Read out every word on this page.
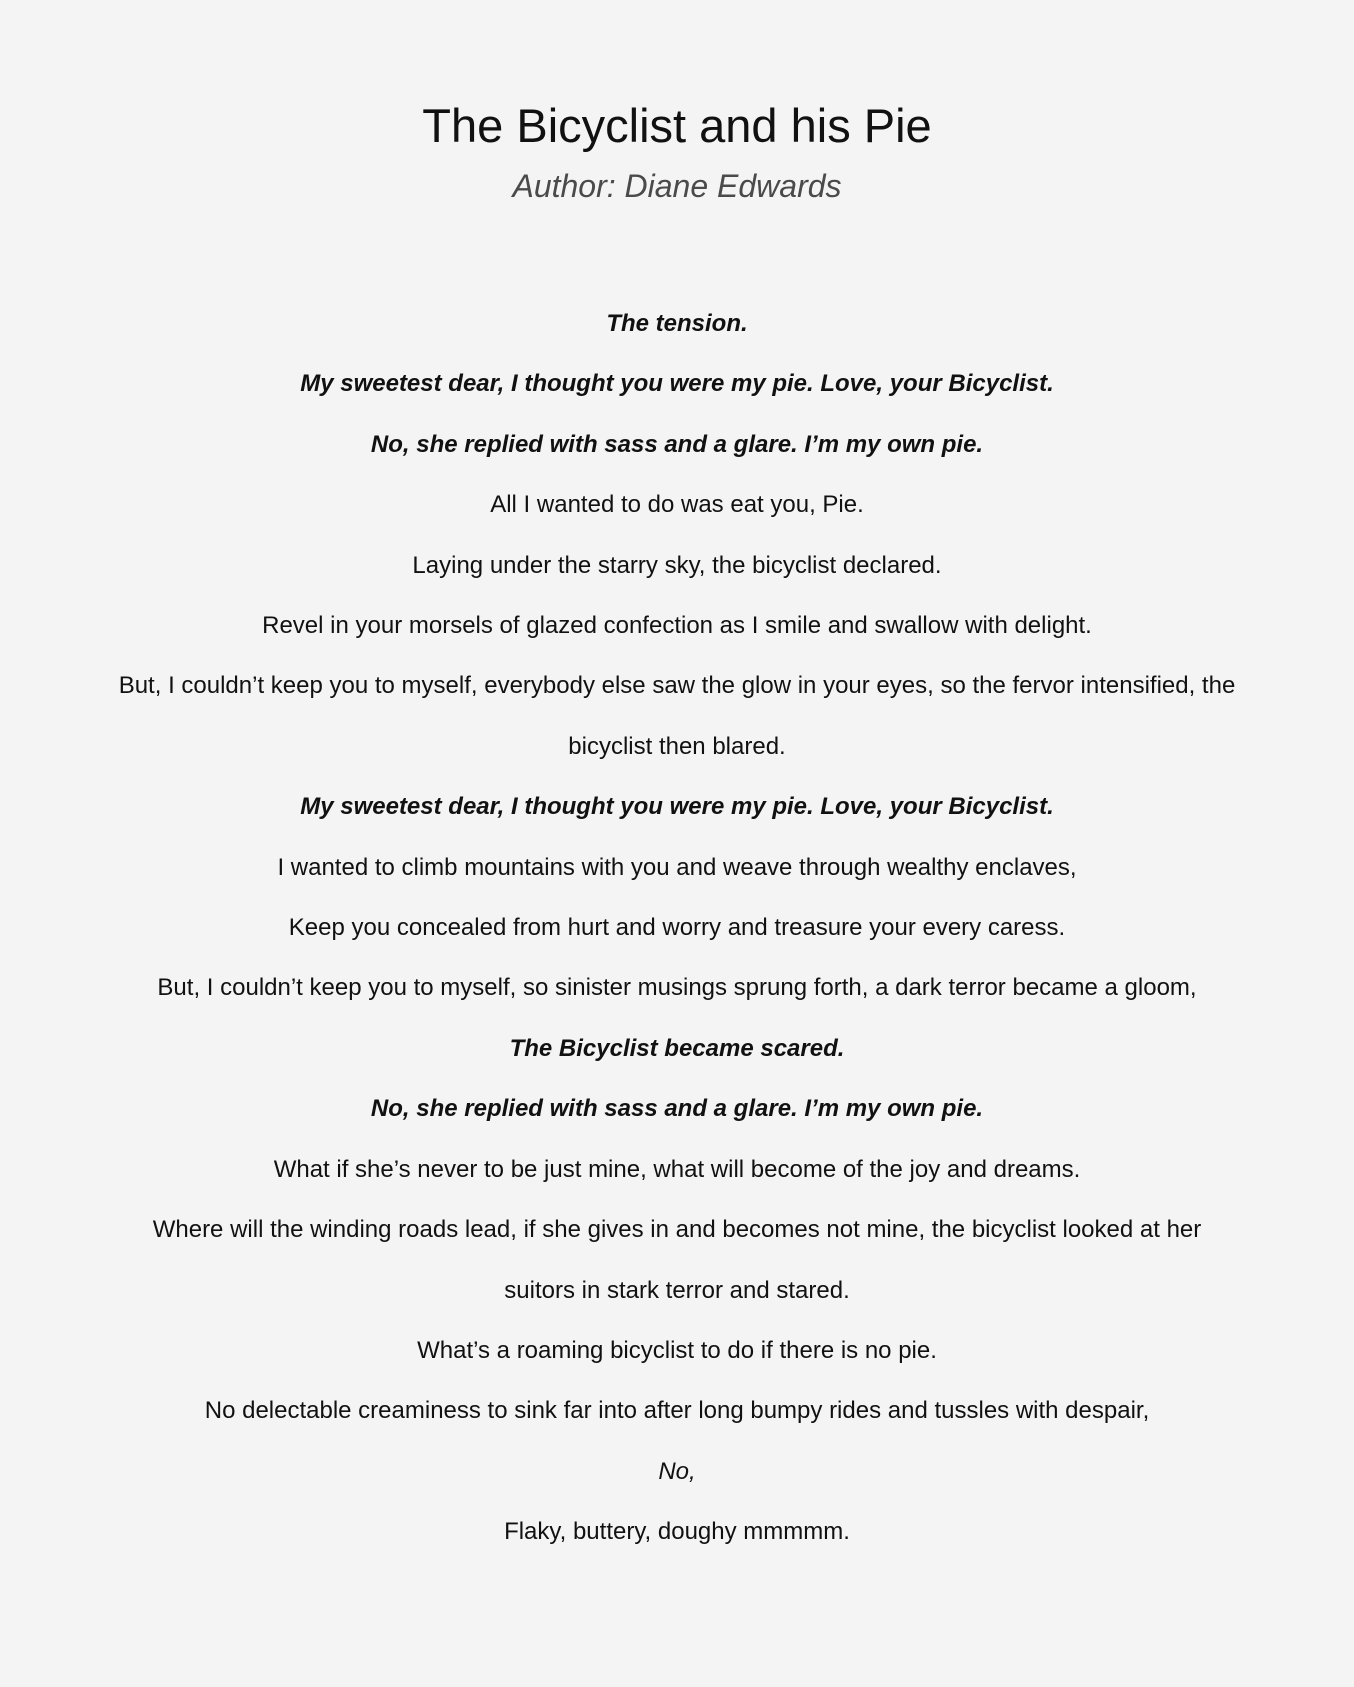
The Bicyclist and his Pie
Author: Diane Edwards

The tension.

My sweetest dear, I thought you were my pie. Love, your Bicyclist.

No, she replied with sass and a glare. I’m my own pie.

All I wanted to do was eat you, Pie.

Laying under the starry sky, the bicyclist declared.

Revel in your morsels of glazed confection as I smile and swallow with delight.

But, I couldn’t keep you to myself, everybody else saw the glow in your eyes, so the fervor intensified, the bicyclist then blared.

My sweetest dear, I thought you were my pie. Love, your Bicyclist.

I wanted to climb mountains with you and weave through wealthy enclaves,

Keep you concealed from hurt and worry and treasure your every caress.

But, I couldn’t keep you to myself, so sinister musings sprung forth, a dark terror became a gloom,

The Bicyclist became scared.

No, she replied with sass and a glare. I’m my own pie.

What if she’s never to be just mine, what will become of the joy and dreams.

Where will the winding roads lead, if she gives in and becomes not mine, the bicyclist looked at her suitors in stark terror and stared.

What’s a roaming bicyclist to do if there is no pie.

No delectable creaminess to sink far into after long bumpy rides and tussles with despair,

No,

Flaky, buttery, doughy mmmmm.
